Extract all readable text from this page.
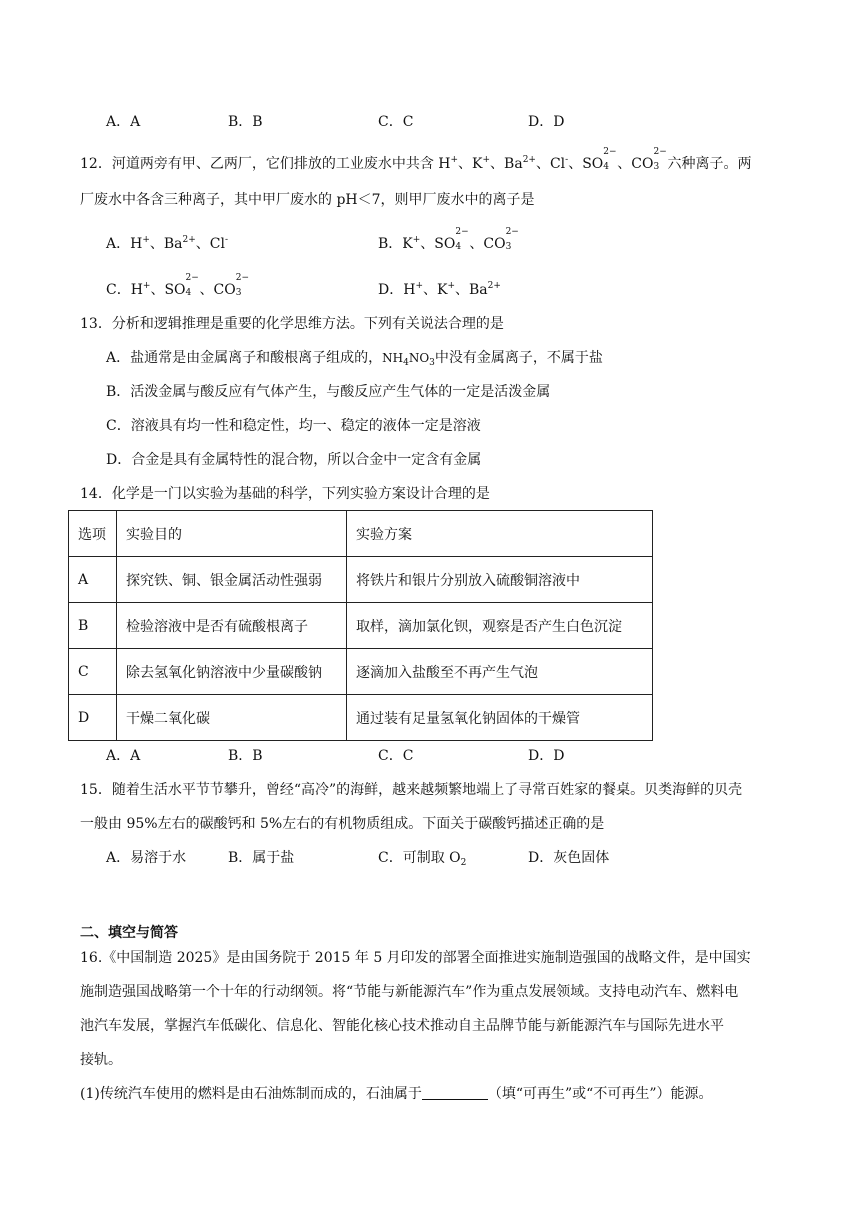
A．A	B．B	C．C	D．D
12．河道两旁有甲、乙两厂，它们排放的工业废水中共含 H+、K+、$Ba^{2+}$、Cl-、SO
2−
4 、CO
2−
3 六种离子。两
厂废水中各含三种离子，其中甲厂废水的 pH＜7，则甲厂废水中的离子是
A．H+、$Ba^{2+}$、Cl-	B．K+、SO
2−
4 、CO
2−
3
C．H+、SO
2−
4 、CO
2−
3	D．H+、K+、$Ba^{2+}$
13．分析和逻辑推理是重要的化学思维方法。下列有关说法合理的是
A．盐通常是由金属离子和酸根离子组成的，$NH_4NO_3$中没有金属离子，不属于盐
B．活泼金属与酸反应有气体产生，与酸反应产生气体的一定是活泼金属
C．溶液具有均一性和稳定性，均一、稳定的液体一定是溶液
D．合金是具有金属特性的混合物，所以合金中一定含有金属
14．化学是一门以实验为基础的科学，下列实验方案设计合理的是
选项	实验目的	实验方案
A	探究铁、铜、银金属活动性强弱	将铁片和银片分别放入硫酸铜溶液中
B	检验溶液中是否有硫酸根离子	取样，滴加氯化钡，观察是否产生白色沉淀
C	除去氢氧化钠溶液中少量碳酸钠	逐滴加入盐酸至不再产生气泡
D	干燥二氧化碳	通过装有足量氢氧化钠固体的干燥管
A．A	B．B	C．C	D．D
15．随着生活水平节节攀升，曾经“高冷”的海鲜，越来越频繁地端上了寻常百姓家的餐桌。贝类海鲜的贝壳
一般由 95%左右的碳酸钙和 5%左右的有机物质组成。下面关于碳酸钙描述正确的是
A．易溶于水	B．属于盐	C．可制取 $O_2$	D．灰色固体
二、填空与简答
16.《中国制造 2025》是由国务院于 2015 年 5 月印发的部署全面推进实施制造强国的战略文件，是中国实
施制造强国战略第一个十年的行动纲领。将“节能与新能源汽车”作为重点发展领域。支持电动汽车、燃料电
池汽车发展，掌握汽车低碳化、信息化、智能化核心技术推动自主品牌节能与新能源汽车与国际先进水平
接轨。
(1)传统汽车使用的燃料是由石油炼制而成的，石油属于	（填“可再生”或“不可再生”）能源。
